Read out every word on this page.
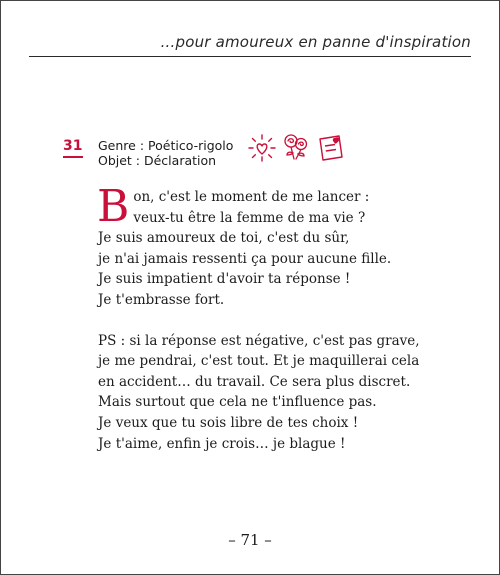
...pour amoureux en panne d'inspiration
31 Genre : Poético-rigolo
Objet : Déclaration
B on, c'est le moment de me lancer :
veux-tu être la femme de ma vie ?
Je suis amoureux de toi, c'est du sûr,
je n'ai jamais ressenti ça pour aucune fille.
Je suis impatient d'avoir ta réponse !
Je t'embrasse fort.
PS : si la réponse est négative, c'est pas grave,
je me pendrai, c'est tout. Et je maquillerai cela
en accident… du travail. Ce sera plus discret.
Mais surtout que cela ne t'influence pas.
Je veux que tu sois libre de tes choix !
Je t'aime, enfin je crois… je blague !
– 71 –
